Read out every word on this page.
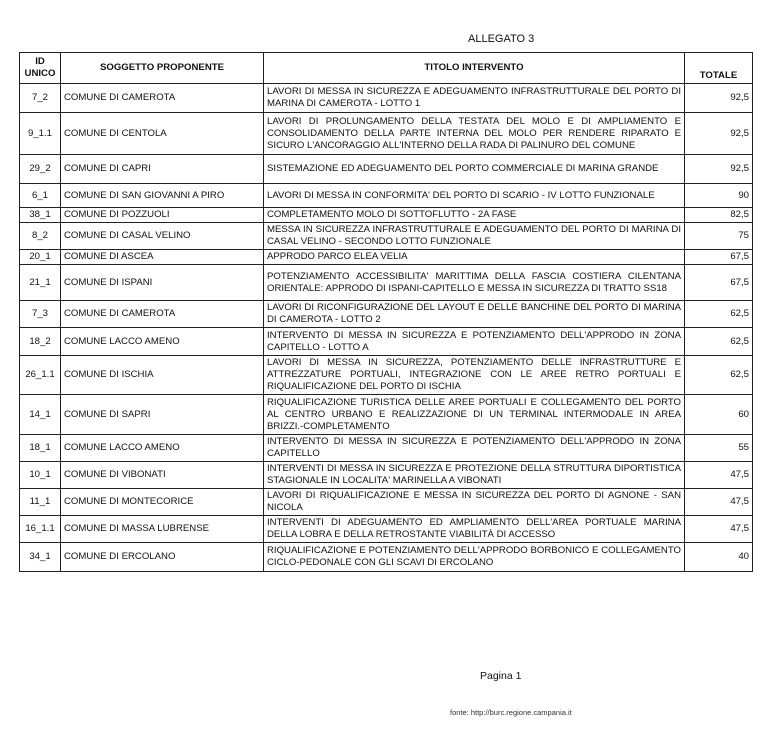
ALLEGATO 3
ID
UNICO	SOGGETTO PROPONENTE	TITOLO INTERVENTO	TOTALE
7_2	COMUNE DI CAMEROTA	LAVORI DI MESSA IN SICUREZZA E ADEGUAMENTO INFRASTRUTTURALE DEL PORTO DI MARINA DI CAMEROTA - LOTTO 1	92,5
9_1.1	COMUNE DI CENTOLA	LAVORI DI PROLUNGAMENTO DELLA TESTATA DEL MOLO E DI AMPLIAMENTO E CONSOLIDAMENTO DELLA PARTE INTERNA DEL MOLO PER RENDERE RIPARATO E SICURO L'ANCORAGGIO ALL'INTERNO DELLA RADA DI PALINURO DEL COMUNE	92,5
29_2	COMUNE DI CAPRI	SISTEMAZIONE ED ADEGUAMENTO DEL PORTO COMMERCIALE DI MARINA GRANDE	92,5
6_1	COMUNE DI SAN GIOVANNI A PIRO	LAVORI DI MESSA IN CONFORMITA' DEL PORTO DI SCARIO - IV LOTTO FUNZIONALE	90
38_1	COMUNE DI POZZUOLI	COMPLETAMENTO MOLO DI SOTTOFLUTTO - 2A FASE	82,5
8_2	COMUNE DI CASAL VELINO	MESSA IN SICUREZZA INFRASTRUTTURALE E ADEGUAMENTO DEL PORTO DI MARINA DI CASAL VELINO - SECONDO LOTTO FUNZIONALE	75
20_1	COMUNE DI ASCEA	APPRODO PARCO ELEA VELIA	67,5
21_1	COMUNE DI ISPANI	POTENZIAMENTO ACCESSIBILITA' MARITTIMA DELLA FASCIA COSTIERA CILENTANA ORIENTALE: APPRODO DI ISPANI-CAPITELLO E MESSA IN SICUREZZA DI TRATTO SS18	67,5
7_3	COMUNE DI CAMEROTA	LAVORI DI RICONFIGURAZIONE DEL LAYOUT E DELLE BANCHINE DEL PORTO DI MARINA DI CAMEROTA - LOTTO 2	62,5
18_2	COMUNE LACCO AMENO	INTERVENTO DI MESSA IN SICUREZZA E POTENZIAMENTO DELL'APPRODO IN ZONA CAPITELLO - LOTTO A	62,5
26_1.1	COMUNE DI ISCHIA	LAVORI DI MESSA IN SICUREZZA, POTENZIAMENTO DELLE INFRASTRUTTURE E ATTREZZATURE PORTUALI, INTEGRAZIONE CON LE AREE RETRO PORTUALI E RIQUALIFICAZIONE DEL PORTO DI ISCHIA	62,5
14_1	COMUNE DI SAPRI	RIQUALIFICAZIONE TURISTICA DELLE AREE PORTUALI E COLLEGAMENTO DEL PORTO AL CENTRO URBANO E REALIZZAZIONE DI UN TERMINAL INTERMODALE IN AREA BRIZZI.-COMPLETAMENTO	60
18_1	COMUNE LACCO AMENO	INTERVENTO DI MESSA IN SICUREZZA E POTENZIAMENTO DELL'APPRODO IN ZONA CAPITELLO	55
10_1	COMUNE DI VIBONATI	INTERVENTI DI MESSA IN SICUREZZA E PROTEZIONE DELLA STRUTTURA DIPORTISTICA STAGIONALE IN LOCALITA' MARINELLA A VIBONATI	47,5
11_1	COMUNE DI MONTECORICE	LAVORI DI RIQUALIFICAZIONE E MESSA IN SICUREZZA DEL PORTO DI AGNONE - SAN NICOLA	47,5
16_1.1	COMUNE DI MASSA LUBRENSE	INTERVENTI DI ADEGUAMENTO ED AMPLIAMENTO DELL'AREA PORTUALE MARINA DELLA LOBRA E DELLA RETROSTANTE VIABILITÀ DI ACCESSO	47,5
34_1	COMUNE DI ERCOLANO	RIQUALIFICAZIONE E POTENZIAMENTO DELL'APPRODO BORBONICO E COLLEGAMENTO CICLO-PEDONALE CON GLI SCAVI DI ERCOLANO	40
Pagina 1
fonte: http://burc.regione.campania.it
